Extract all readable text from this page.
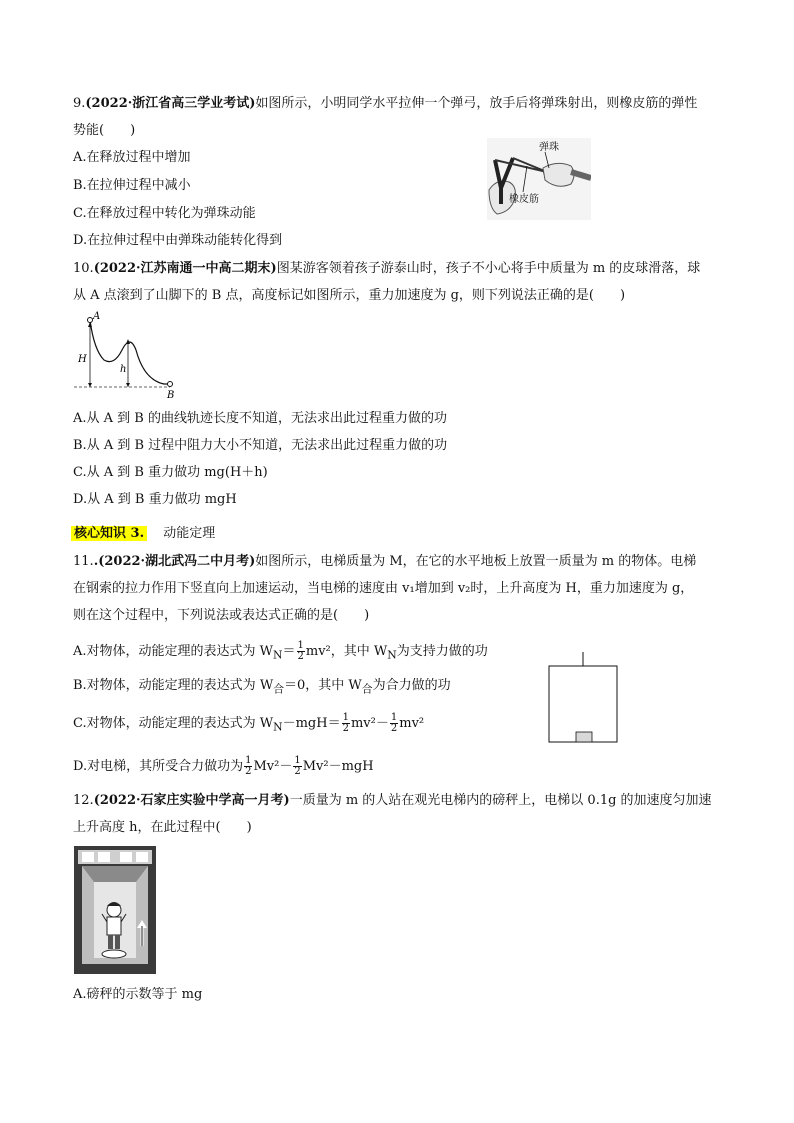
9.(2022·浙江省高三学业考试)如图所示，小明同学水平拉伸一个弹弓，放手后将弹珠射出，则橡皮筋的弹性
势能(　　)
A.在释放过程中增加
B.在拉伸过程中减小
C.在释放过程中转化为弹珠动能
D.在拉伸过程中由弹珠动能转化得到
弹珠
橡皮筋
10.(2022·江苏南通一中高二期末)图某游客领着孩子游泰山时，孩子不小心将手中质量为 m 的皮球滑落，球
从 A 点滚到了山脚下的 B 点，高度标记如图所示，重力加速度为 g，则下列说法正确的是(　　)
A
H
h
B
A.从 A 到 B 的曲线轨迹长度不知道，无法求出此过程重力做的功
B.从 A 到 B 过程中阻力大小不知道，无法求出此过程重力做的功
C.从 A 到 B 重力做功 mg(H＋h)
D.从 A 到 B 重力做功 mgH
核心知识 3. 动能定理
11..(2022·湖北武冯二中月考)如图所示，电梯质量为 M，在它的水平地板上放置一质量为 m 的物体。电梯
在钢索的拉力作用下竖直向上加速运动，当电梯的速度由 v₁增加到 v₂时，上升高度为 H，重力加速度为 g，
则在这个过程中，下列说法或表达式正确的是(　　)
A.对物体，动能定理的表达式为 $W_N= \frac{1}{2} mv^2$，其中 $W_N$为支持力做的功
B.对物体，动能定理的表达式为 $W_合=0$，其中 $W_合$为合力做的功
C.对物体，动能定理的表达式为 $W_N-mgH= \frac{1}{2} mv^2- \frac{1}{2} mv^2$
D.对电梯，其所受合力做功为 $\frac{1}{2} Mv^2- \frac{1}{2} Mv^2-mgH$
12.(2022·石家庄实验中学高一月考)一质量为 m 的人站在观光电梯内的磅秤上，电梯以 0.1g 的加速度匀加速
上升高度 h，在此过程中(　　)
A.磅秤的示数等于 mg
